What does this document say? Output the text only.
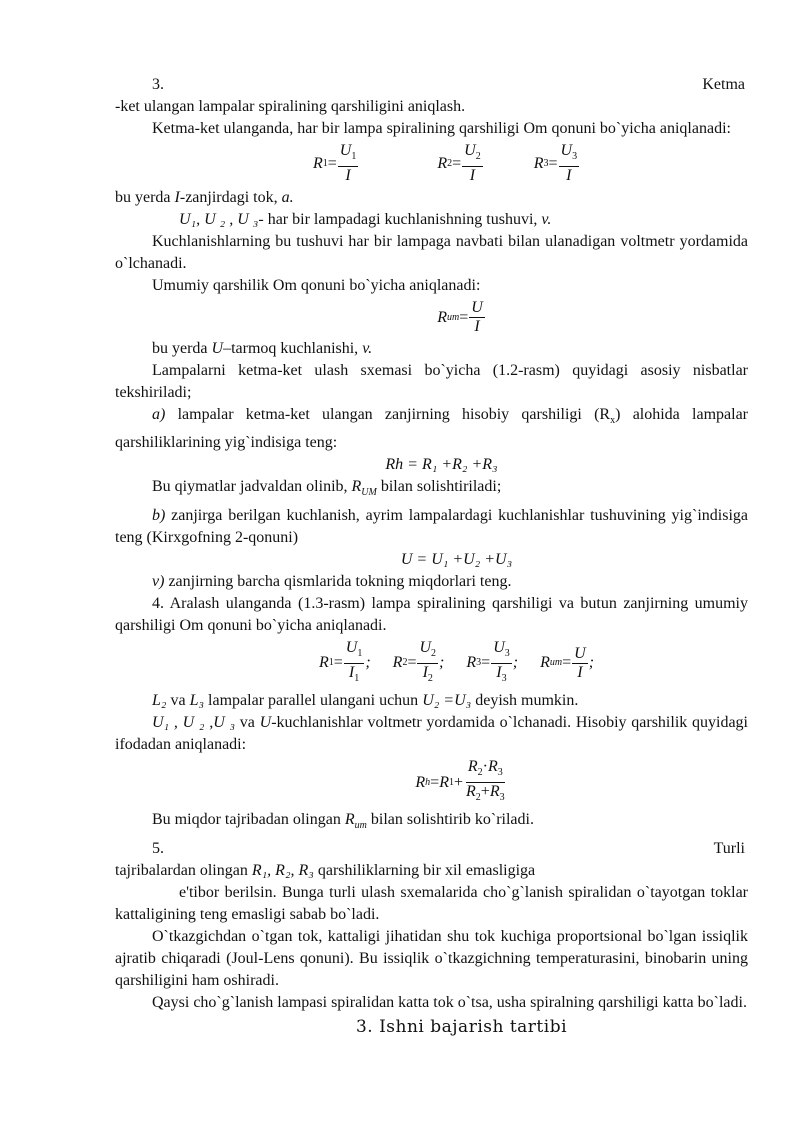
3.	Ketma

-ket ulangan lampalar spiralining qarshiligini aniqlash.

Ketma-ket ulanganda, har bir lampa spiralining qarshiligi Om qonuni bo`yicha aniqlanadi:

R $1 = \frac{U_1}{I}$	R $2 = \frac{U_2}{I}$	R $3 = \frac{U_3}{I}$

bu yerda I-zanjirdagi tok, a.

U₁, U ₂ , U ₃- har bir lampadagi kuchlanishning tushuvi, v.

Kuchlanishlarning bu tushuvi har bir lampaga navbati bilan ulanadigan voltmetr yordamida o`lchanadi.

Umumiy qarshilik Om qonuni bo`yicha aniqlanadi:

R um = $\frac{U}{I}$

bu yerda U–tarmoq kuchlanishi, v.

Lampalarni ketma-ket ulash sxemasi bo`yicha (1.2-rasm) quyidagi asosiy nisbatlar tekshiriladi;

a) lampalar ketma-ket ulangan zanjirning hisobiy qarshiligi $(R_x)$ alohida lampalar qarshiliklarining yig`indisiga teng:

Rh = R₁ +R₂ +R₃

Bu qiymatlar jadvaldan olinib, $R_{UM}$ bilan solishtiriladi;

b) zanjirga berilgan kuchlanish, ayrim lampalardagi kuchlanishlar tushuvining yig`indisiga teng (Kirxgofning 2-qonuni)

U = U₁ +U₂ +U₃

v) zanjirning barcha qismlarida tokning miqdorlari teng.

4. Aralash ulanganda (1.3-rasm) lampa spiralining qarshiligi va butun zanjirning umumiy qarshiligi Om qonuni bo`yicha aniqlanadi.

R $1 = \frac{U_1}{I_1}$ ; R $2 = \frac{U_2}{I_2}$ ; R $3 = \frac{U_3}{I_3}$ ; R um = $\frac{U}{I}$ ;

L₂ va L₃ lampalar parallel ulangani uchun U₂ =U₃ deyish mumkin.

U₁ , U ₂ ,U ₃ va U-kuchlanishlar voltmetr yordamida o`lchanadi. Hisobiy qarshilik quyidagi ifodadan aniqlanadi:

R h = R $1 + \frac{R_2\cdot R_3}{R_2+R_3}$

Bu miqdor tajribadan olingan $R_{um}$ bilan solishtirib ko`riladi.

5.	Turli

tajribalardan olingan R₁, R₂, R₃ qarshiliklarning bir xil emasligiga

e'tibor berilsin. Bunga turli ulash sxemalarida cho`g`lanish spiralidan o`tayotgan toklar kattaligining teng emasligi sabab bo`ladi.

O`tkazgichdan o`tgan tok, kattaligi jihatidan shu tok kuchiga proportsional bo`lgan issiqlik ajratib chiqaradi (Joul-Lens qonuni). Bu issiqlik o`tkazgichning temperaturasini, binobarin uning qarshiligini ham oshiradi.

Qaysi cho`g`lanish lampasi spiralidan katta tok o`tsa, usha spiralning qarshiligi katta bo`ladi.

3. Ishni bajarish tartibi
